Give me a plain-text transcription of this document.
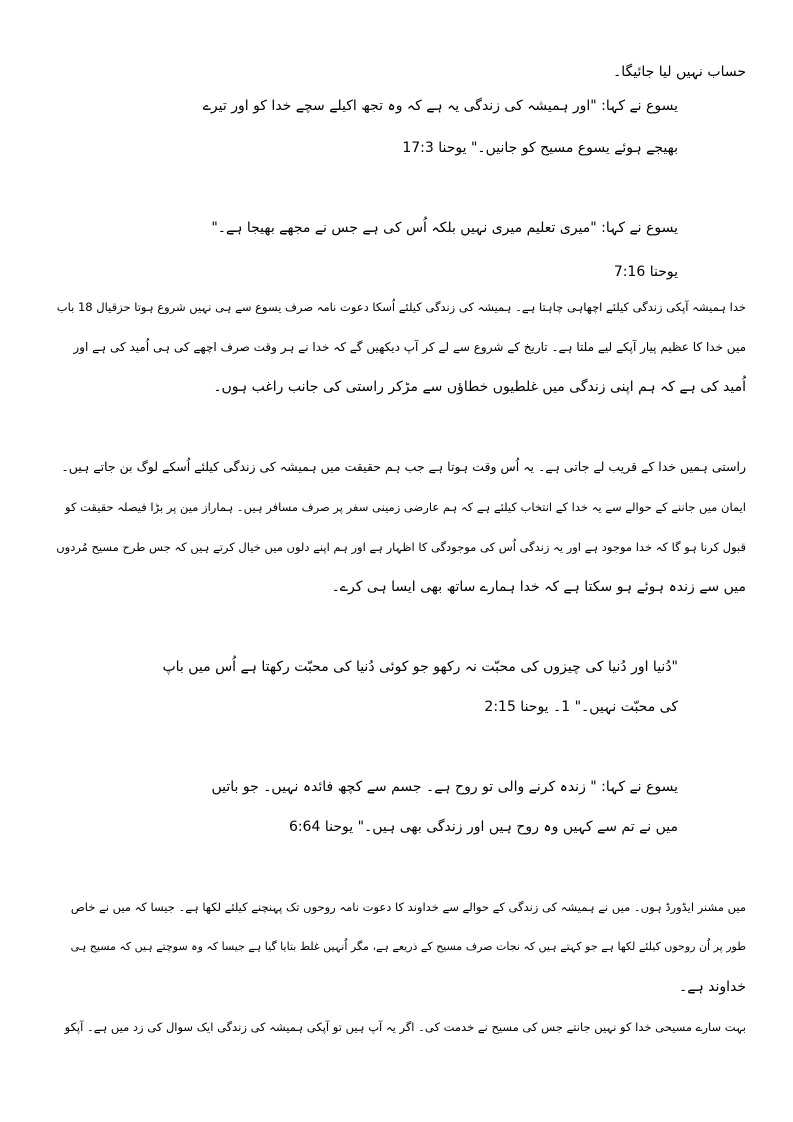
حساب نہیں لیا جائیگا۔
یسوع نے کہا: "اور ہمیشہ کی زندگی یہ ہے کہ وہ تجھ اکیلے سچے خدا کو اور تیرے
بھیجے ہوئے یسوع مسیح کو جانیں۔" یوحنا 17:3
یسوع نے کہا: "میری تعلیم میری نہیں بلکہ اُس کی ہے جس نے مجھے بھیجا ہے۔"
یوحنا 7:16
خدا ہمیشہ آپکی زندگی کیلئے اچھاہی چاہتا ہے۔ ہمیشہ کی زندگی کیلئے اُسکا دعوت نامہ صرف یسوع سے ہی نہیں شروع ہوتا حزقیال 18 باب
میں خدا کا عظیم پیار آپکے لیے ملتا ہے۔ تاریخ کے شروع سے لے کر آپ دیکھیں گے کہ خدا نے ہر وقت صرف اچھے کی ہی اُمید کی ہے اور
اُمید کی ہے کہ ہم اپنی زندگی میں غلطیوں خطاؤں سے مڑکر راستی کی جانب راغب ہوں۔
راستی ہمیں خدا کے قریب لے جاتی ہے۔ یہ اُس وقت ہوتا ہے جب ہم حقیقت میں ہمیشہ کی زندگی کیلئے اُسکے لوگ بن جاتے ہیں۔
ایمان میں جاننے کے حوالے سے یہ خدا کے انتخاب کیلئے ہے کہ ہم عارضی زمینی سفر پر صرف مسافر ہیں۔ ہماراز مین پر بڑا فیصلہ حقیقت کو
قبول کرنا ہو گا کہ خدا موجود ہے اور یہ زندگی اُس کی موجودگی کا اظہار ہے اور ہم اپنے دلوں میں خیال کرتے ہیں کہ جس طرح مسیح مُردوں
میں سے زندہ ہوئے ہو سکتا ہے کہ خدا ہمارے ساتھ بھی ایسا ہی کرے۔
"دُنیا اور دُنیا کی چیزوں کی محبّت نہ رکھو جو کوئی دُنیا کی محبّت رکھتا ہے اُس میں باپ
کی محبّت نہیں۔" 1۔ یوحنا 2:15
یسوع نے کہا: " زندہ کرنے والی تو روح ہے۔ جسم سے کچھ فائدہ نہیں۔ جو باتیں
میں نے تم سے کہیں وہ روح ہیں اور زندگی بھی ہیں۔" یوحنا 6:64
میں مشنر ایڈورڈ ہوں۔ میں نے ہمیشہ کی زندگی کے حوالے سے خداوند کا دعوت نامہ روحوں تک پہنچنے کیلئے لکھا ہے۔ جیسا کہ میں نے خاص
طور پر اُن روحوں کیلئے لکھا ہے جو کہتے ہیں کہ نجات صرف مسیح کے ذریعے ہے، مگر اُنہیں غلط بتایا گیا ہے جیسا کہ وہ سوچتے ہیں کہ مسیح ہی
خداوند ہے۔
بہت سارے مسیحی خدا کو نہیں جانتے جس کی مسیح نے خدمت کی۔ اگر یہ آپ ہیں تو آپکی ہمیشہ کی زندگی ایک سوال کی زد میں ہے۔ آپکو
